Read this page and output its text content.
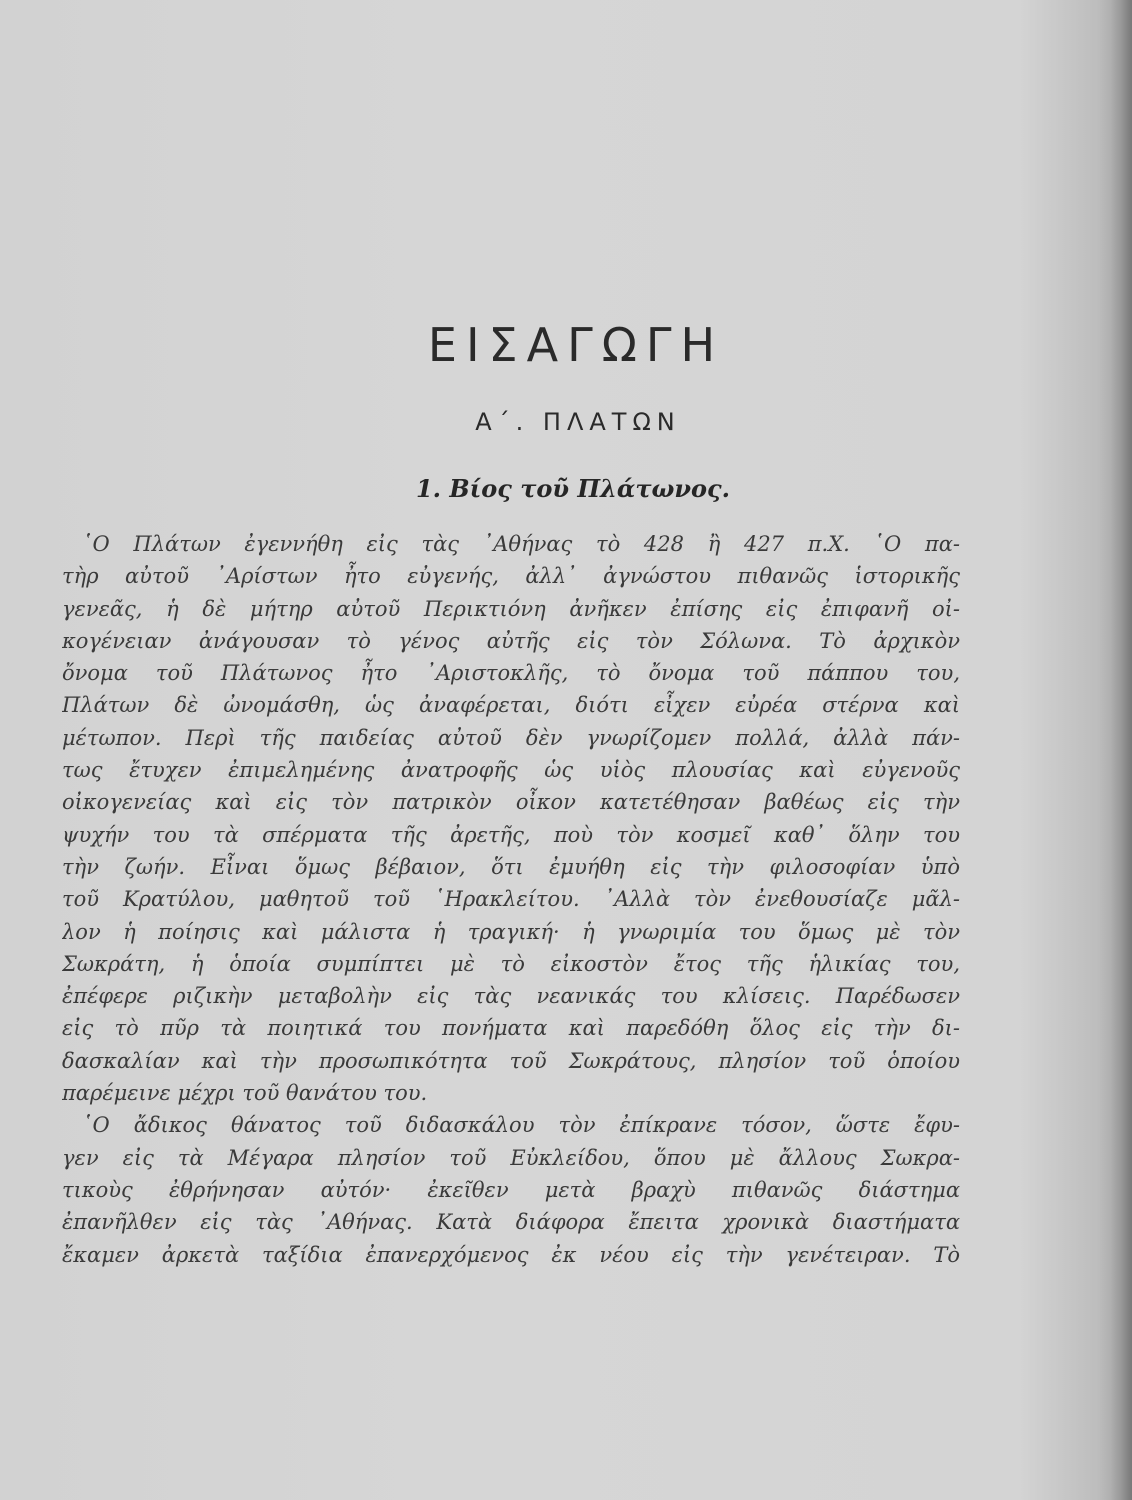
ΕΙΣΑΓΩΓΗ
Α΄. ΠΛΑΤΩΝ
1. Βίος τοῦ Πλάτωνος.
῾Ο Πλάτων ἐγεννήθη εἰς τὰς ᾿Αθήνας τὸ 428 ἢ 427 π.Χ. ῾Ο πα-
τὴρ αὐτοῦ ᾿Αρίστων ἦτο εὐγενής, ἀλλ᾿ ἀγνώστου πιθανῶς ἱστορικῆς
γενεᾶς, ἡ δὲ μήτηρ αὐτοῦ Περικτιόνη ἀνῆκεν ἐπίσης εἰς ἐπιφανῆ οἰ-
κογένειαν ἀνάγουσαν τὸ γένος αὐτῆς εἰς τὸν Σόλωνα. Τὸ ἀρχικὸν
ὄνομα τοῦ Πλάτωνος ἦτο ᾿Αριστοκλῆς, τὸ ὄνομα τοῦ πάππου του,
Πλάτων δὲ ὠνομάσθη, ὡς ἀναφέρεται, διότι εἶχεν εὐρέα στέρνα καὶ
μέτωπον. Περὶ τῆς παιδείας αὐτοῦ δὲν γνωρίζομεν πολλά, ἀλλὰ πάν-
τως ἔτυχεν ἐπιμελημένης ἀνατροφῆς ὡς υἱὸς πλουσίας καὶ εὐγενοῦς
οἰκογενείας καὶ εἰς τὸν πατρικὸν οἶκον κατετέθησαν βαθέως εἰς τὴν
ψυχήν του τὰ σπέρματα τῆς ἀρετῆς, ποὺ τὸν κοσμεῖ καθ᾿ ὅλην του
τὴν ζωήν. Εἶναι ὅμως βέβαιον, ὅτι ἐμυήθη εἰς τὴν φιλοσοφίαν ὑπὸ
τοῦ Κρατύλου, μαθητοῦ τοῦ ῾Ηρακλείτου. ᾿Αλλὰ τὸν ἐνεθουσίαζε μᾶλ-
λον ἡ ποίησις καὶ μάλιστα ἡ τραγική· ἡ γνωριμία του ὅμως μὲ τὸν
Σωκράτη, ἡ ὁποία συμπίπτει μὲ τὸ εἰκοστὸν ἔτος τῆς ἡλικίας του,
ἐπέφερε ριζικὴν μεταβολὴν εἰς τὰς νεανικάς του κλίσεις. Παρέδωσεν
εἰς τὸ πῦρ τὰ ποιητικά του πονήματα καὶ παρεδόθη ὅλος εἰς τὴν δι-
δασκαλίαν καὶ τὴν προσωπικότητα τοῦ Σωκράτους, πλησίον τοῦ ὁποίου
παρέμεινε μέχρι τοῦ θανάτου του.
῾Ο ἄδικος θάνατος τοῦ διδασκάλου τὸν ἐπίκρανε τόσον, ὥστε ἔφυ-
γεν εἰς τὰ Μέγαρα πλησίον τοῦ Εὐκλείδου, ὅπου μὲ ἄλλους Σωκρα-
τικοὺς ἐθρήνησαν αὐτόν· ἐκεῖθεν μετὰ βραχὺ πιθανῶς διάστημα
ἐπανῆλθεν εἰς τὰς ᾿Αθήνας. Κατὰ διάφορα ἔπειτα χρονικὰ διαστήματα
ἔκαμεν ἀρκετὰ ταξίδια ἐπανερχόμενος ἐκ νέου εἰς τὴν γενέτειραν. Τὸ
